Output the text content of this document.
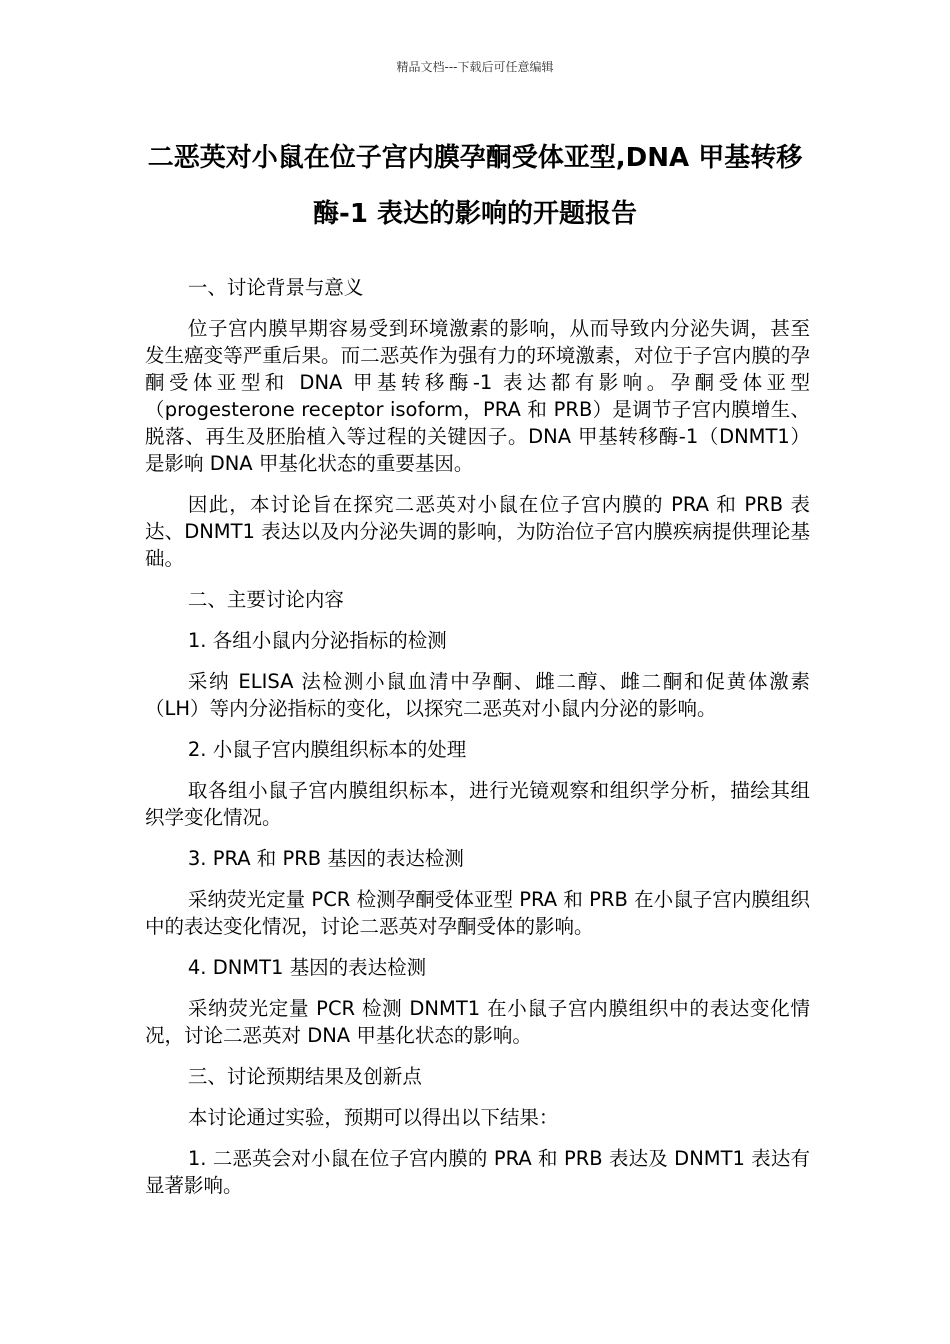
精品文档---下载后可任意编辑
二恶英对小鼠在位子宫内膜孕酮受体亚型,DNA 甲基转移酶-1 表达的影响的开题报告

一、讨论背景与意义

位子宫内膜早期容易受到环境激素的影响，从而导致内分泌失调，甚至发生癌变等严重后果。而二恶英作为强有力的环境激素，对位于子宫内膜的孕酮受体亚型和 DNA 甲基转移酶-1 表达都有影响。孕酮受体亚型（progesterone receptor isoform，PRA 和 PRB）是调节子宫内膜增生、脱落、再生及胚胎植入等过程的关键因子。DNA 甲基转移酶-1（DNMT1）是影响 DNA 甲基化状态的重要基因。

因此，本讨论旨在探究二恶英对小鼠在位子宫内膜的 PRA 和 PRB 表达、DNMT1 表达以及内分泌失调的影响，为防治位子宫内膜疾病提供理论基础。

二、主要讨论内容

1. 各组小鼠内分泌指标的检测

采纳 ELISA 法检测小鼠血清中孕酮、雌二醇、雌二酮和促黄体激素（LH）等内分泌指标的变化，以探究二恶英对小鼠内分泌的影响。

2. 小鼠子宫内膜组织标本的处理

取各组小鼠子宫内膜组织标本，进行光镜观察和组织学分析，描绘其组织学变化情况。

3. PRA 和 PRB 基因的表达检测

采纳荧光定量 PCR 检测孕酮受体亚型 PRA 和 PRB 在小鼠子宫内膜组织中的表达变化情况，讨论二恶英对孕酮受体的影响。

4. DNMT1 基因的表达检测

采纳荧光定量 PCR 检测 DNMT1 在小鼠子宫内膜组织中的表达变化情况，讨论二恶英对 DNA 甲基化状态的影响。

三、讨论预期结果及创新点

本讨论通过实验，预期可以得出以下结果：

1. 二恶英会对小鼠在位子宫内膜的 PRA 和 PRB 表达及 DNMT1 表达有显著影响。
